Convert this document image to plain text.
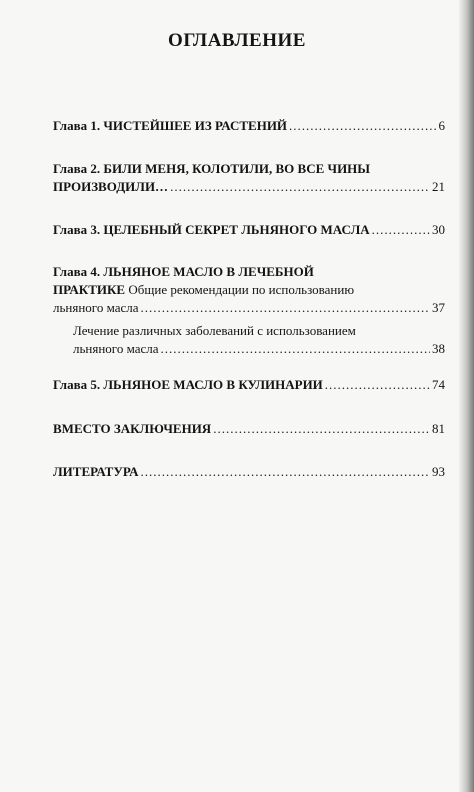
ОГЛАВЛЕНИЕ
Глава 1. ЧИСТЕЙШЕЕ ИЗ РАСТЕНИЙ .....	6
Глава 2. БИЛИ МЕНЯ, КОЛОТИЛИ, ВО ВСЕ ЧИНЫ
ПРОИЗВОДИЛИ… .....	21
Глава 3. ЦЕЛЕБНЫЙ СЕКРЕТ ЛЬНЯНОГО МАСЛА .....	30
Глава 4. ЛЬНЯНОЕ МАСЛО В ЛЕЧЕБНОЙ
ПРАКТИКЕ Общие рекомендации по использованию
льняного масла .....	37
Лечение различных заболеваний с использованием
льняного масла .....	38
Глава 5. ЛЬНЯНОЕ МАСЛО В КУЛИНАРИИ .....	74
ВМЕСТО ЗАКЛЮЧЕНИЯ .....	81
ЛИТЕРАТУРА .....	93
